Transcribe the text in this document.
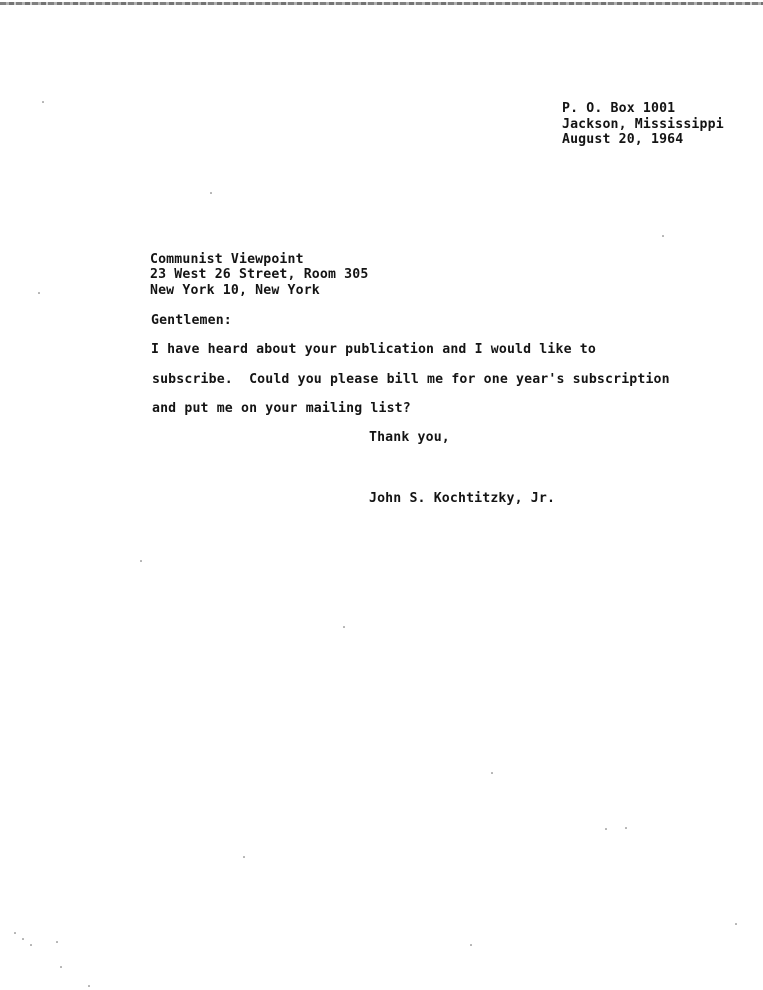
P. O. Box 1001
Jackson, Mississippi
August 20, 1964
Communist Viewpoint
23 West 26 Street, Room 305
New York 10, New York
Gentlemen:
I have heard about your publication and I would like to
subscribe.  Could you please bill me for one year's subscription
and put me on your mailing list?
Thank you,
John S. Kochtitzky, Jr.
